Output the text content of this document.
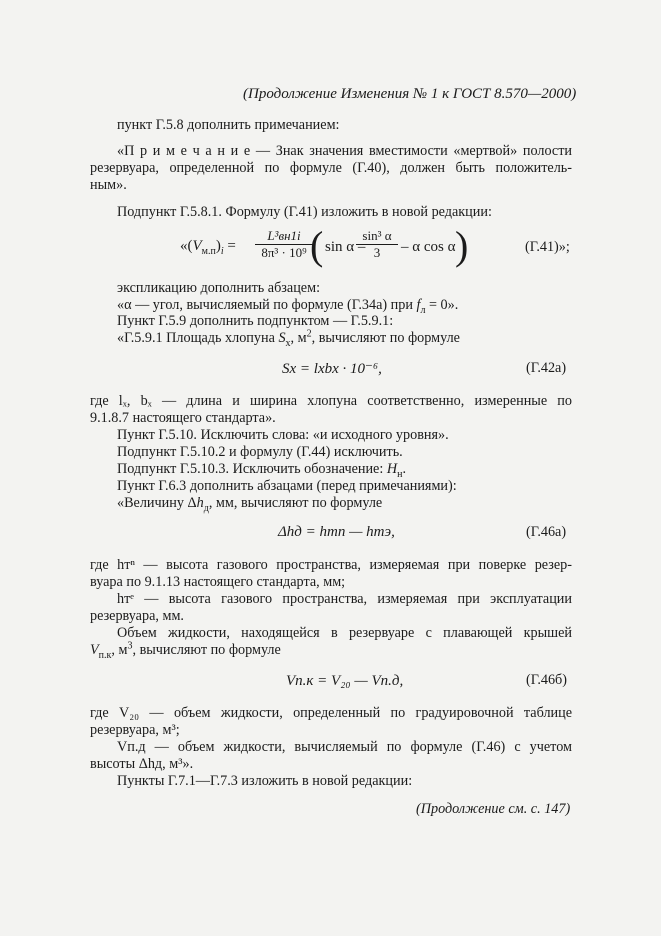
(Продолжение Изменения № 1 к ГОСТ 8.570—2000)
пункт Г.5.8 дополнить примечанием:
«П р и м е ч а н и е — Знак значения вместимости «мертвой» полости
резервуара, определенной по формуле (Г.40), должен быть положитель-
ным».
Подпункт Г.5.8.1. Формулу (Г.41) изложить в новой редакции:
«$(V_{м.п})_i$ =
L³вн1i
8π³ · 10⁹ ( sin α –
sin³ α
3	– α cos α )	(Г.41)»;
экспликацию дополнить абзацем:
«α — угол, вычисляемый по формуле (Г.34а) при $f_л = 0$».
Пункт Г.5.9 дополнить подпунктом — Г.5.9.1:
«Г.5.9.1 Площадь хлопуна $S_х$, $м^2$, вычисляют по формуле
Sх = lхbх · 10⁻⁶,	(Г.42а)
где lₓ, bₓ — длина и ширина хлопуна соответственно, измеренные по
9.1.8.7 настоящего стандарта».
Пункт Г.5.10. Исключить слова: «и исходного уровня».
Подпункт Г.5.10.2 и формулу (Г.44) исключить.
Подпункт Г.5.10.3. Исключить обозначение: $H_н$.
Пункт Г.6.3 дополнить абзацами (перед примечаниями):
«Величину $\Delta h_д$, мм, вычисляют по формуле
Δhд = hтп — hтэ,	(Г.46а)
где hтⁿ — высота газового пространства, измеряемая при поверке резер-
вуара по 9.1.13 настоящего стандарта, мм;
hтᵉ — высота газового пространства, измеряемая при эксплуатации
резервуара, мм.
Объем жидкости, находящейся в резервуаре с плавающей крышей
$V_{п.к}$, $м^3$, вычисляют по формуле
Vп.к = V₂₀ — Vп.д,	(Г.46б)
где V₂₀ — объем жидкости, определенный по градуировочной таблице
резервуара, м³;
Vп.д — объем жидкости, вычисляемый по формуле (Г.46) с учетом
высоты Δhд, м³».
Пункты Г.7.1—Г.7.3 изложить в новой редакции:
(Продолжение см. с. 147)
